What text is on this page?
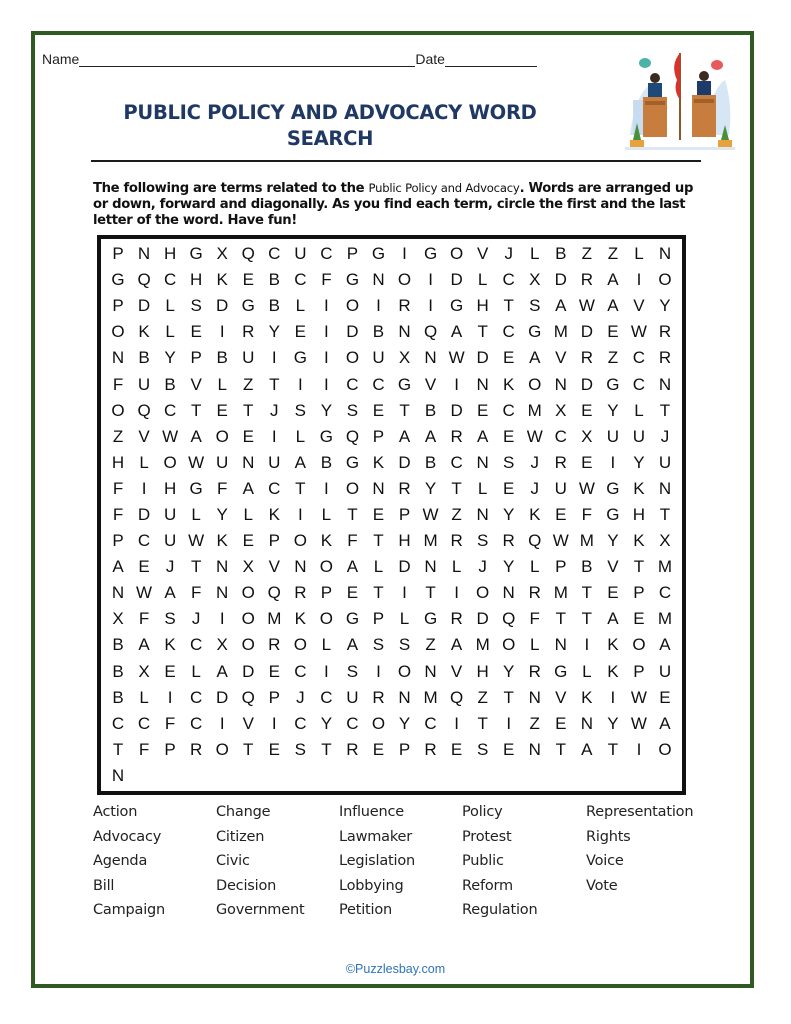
Name	Date
PUBLIC POLICY AND ADVOCACY WORD SEARCH
The following are terms related to the Public Policy and Advocacy. Words are arranged up or down, forward and diagonally. As you find each term, circle the first and the last letter of the word. Have fun!
P N H G X Q C U C P G	I	G O V J	L B Z Z L N
G Q C H K E B C F G N O	I	D L C X D R A	I	O
P D L S D G B L	I	O	I	R	I	G H T S A W A V Y
O K L E	I	R Y E	I	D B N Q A T C G M D E W R
N B Y P B U	I	G	I	O U X N W D E A V R Z C R
F U B V L Z T	I	I	C C G V	I	N K O N D G C N
O Q C T E T J S Y S E T B D E C M X E Y L T
Z V W A O E	I	L G Q P A A R A E W C X U U J
H L O W U N U A B G K D B C N S J R E	I	Y U
F	I	H G F A C T	I	O N R Y T L E J U W G K N
F D U L Y L K	I	L T E P W Z N Y K E F G H T
P C U W K E P O K F T H M R S R Q W M Y K X
A E J T N X V N O A L D N L	J Y L P B V T M
N W A F N O Q R P E T	I	T	I	O N R M T E P C
X F S J	I	O M K O G P L G R D Q F T T A E M
B A K C X O R O L A S S Z A M O L N	I	K O A
B X E L A D E C	I	S	I	O N V H Y R G L K P U
B L	I	C D Q P J C U R N M Q Z T N V K	I W E
C C F C	I	V	I	C Y C O Y C	I	T	I	Z E N Y W A
T F P R O T E S T R E P R E S E N T A T	I	O
N
Action	Change	Influence	Policy	Representation
Advocacy	Citizen	Lawmaker	Protest	Rights
Agenda	Civic	Legislation	Public	Voice
Bill	Decision	Lobbying	Reform	Vote
Campaign	Government	Petition	Regulation
©Puzzlesbay.com
